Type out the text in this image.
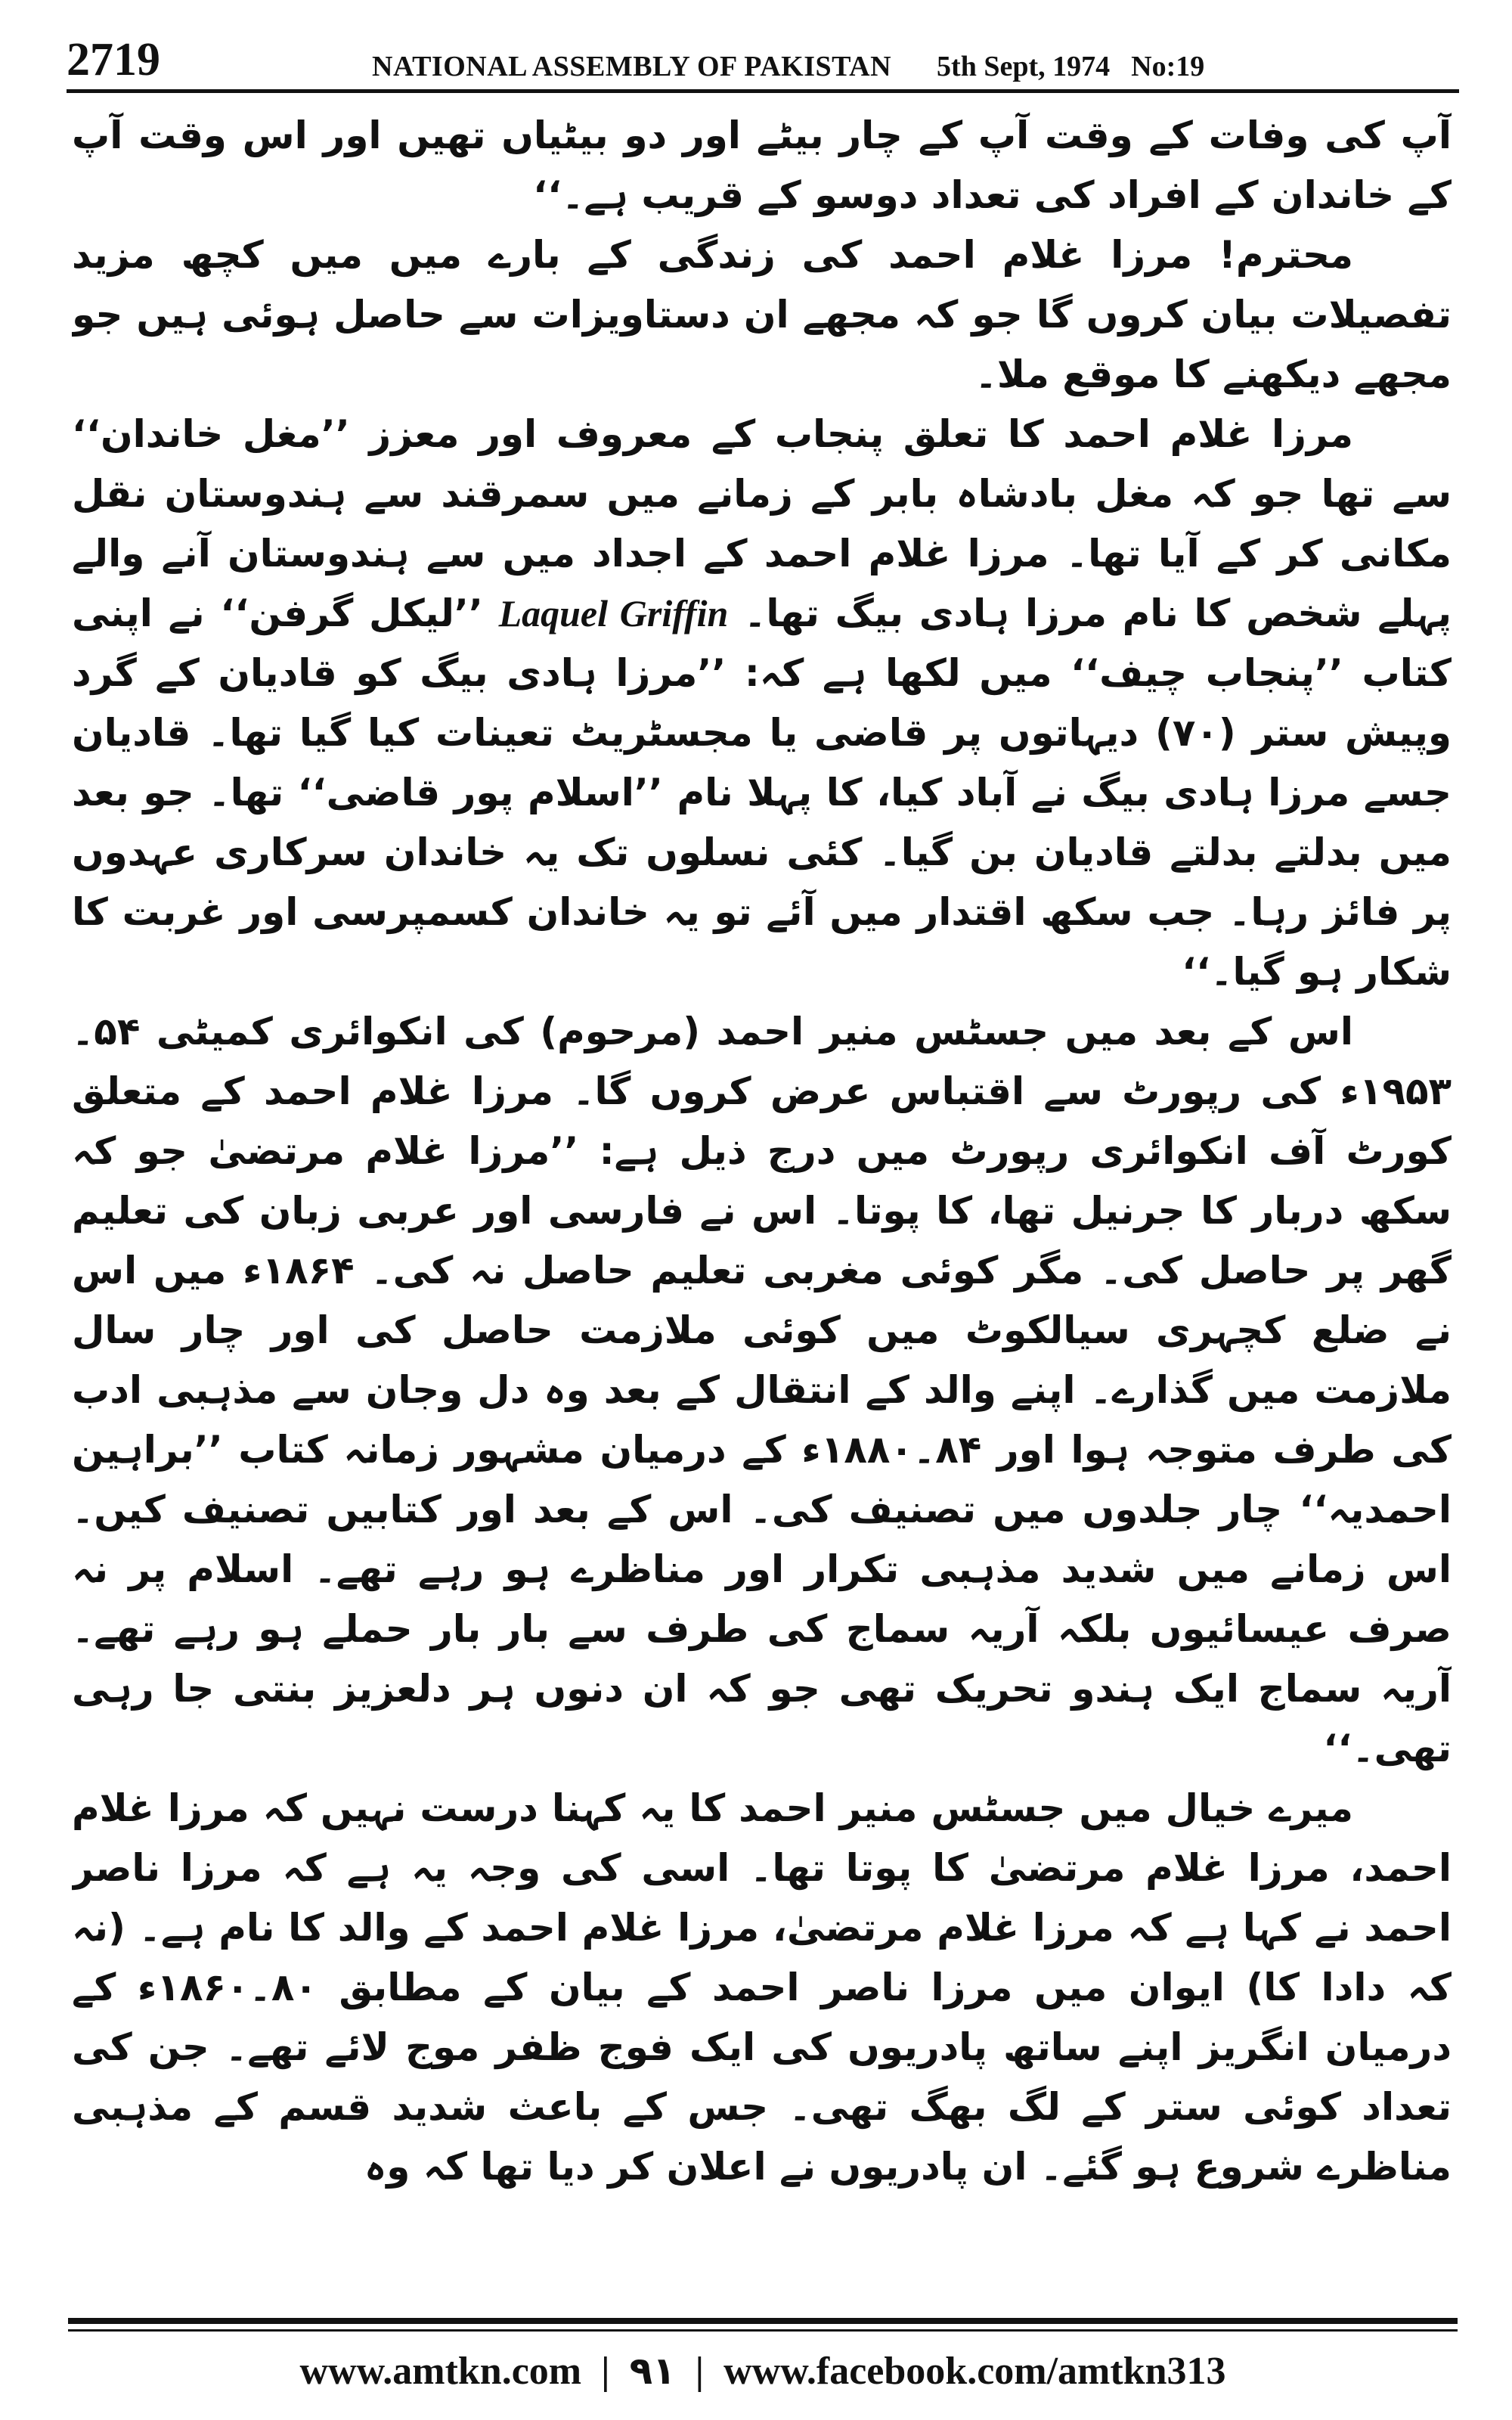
2719	NATIONAL ASSEMBLY OF PAKISTAN 5th Sept, 1974 No:19

آپ کی وفات کے وقت آپ کے چار بیٹے اور دو بیٹیاں تھیں اور اس وقت آپ کے خاندان کے افراد کی تعداد دوسو کے قریب ہے۔‘‘

محترم! مرزا غلام احمد کی زندگی کے بارے میں میں کچھ مزید تفصیلات بیان کروں گا جو کہ مجھے ان دستاویزات سے حاصل ہوئی ہیں جو مجھے دیکھنے کا موقع ملا۔

مرزا غلام احمد کا تعلق پنجاب کے معروف اور معزز ’’مغل خاندان‘‘ سے تھا جو کہ مغل بادشاہ بابر کے زمانے میں سمرقند سے ہندوستان نقل مکانی کر کے آیا تھا۔ مرزا غلام احمد کے اجداد میں سے ہندوستان آنے والے پہلے شخص کا نام مرزا ہادی بیگ تھا۔ Laquel Griffin ’’لیکل گرفن‘‘ نے اپنی کتاب ’’پنجاب چیف‘‘ میں لکھا ہے کہ: ’’مرزا ہادی بیگ کو قادیان کے گرد وپیش ستر (۷۰) دیہاتوں پر قاضی یا مجسٹریٹ تعینات کیا گیا تھا۔ قادیان جسے مرزا ہادی بیگ نے آباد کیا، کا پہلا نام ’’اسلام پور قاضی‘‘ تھا۔ جو بعد میں بدلتے بدلتے قادیان بن گیا۔ کئی نسلوں تک یہ خاندان سرکاری عہدوں پر فائز رہا۔ جب سکھ اقتدار میں آئے تو یہ خاندان کسمپرسی اور غربت کا شکار ہو گیا۔‘‘

اس کے بعد میں جسٹس منیر احمد (مرحوم) کی انکوائری کمیٹی ۵۴۔۱۹۵۳ء کی رپورٹ سے اقتباس عرض کروں گا۔ مرزا غلام احمد کے متعلق کورٹ آف انکوائری رپورٹ میں درج ذیل ہے: ’’مرزا غلام مرتضیٰ جو کہ سکھ دربار کا جرنیل تھا، کا پوتا۔ اس نے فارسی اور عربی زبان کی تعلیم گھر پر حاصل کی۔ مگر کوئی مغربی تعلیم حاصل نہ کی۔ ۱۸۶۴ء میں اس نے ضلع کچہری سیالکوٹ میں کوئی ملازمت حاصل کی اور چار سال ملازمت میں گذارے۔ اپنے والد کے انتقال کے بعد وہ دل وجان سے مذہبی ادب کی طرف متوجہ ہوا اور ۸۴۔۱۸۸۰ء کے درمیان مشہور زمانہ کتاب ’’براہین احمدیہ‘‘ چار جلدوں میں تصنیف کی۔ اس کے بعد اور کتابیں تصنیف کیں۔ اس زمانے میں شدید مذہبی تکرار اور مناظرے ہو رہے تھے۔ اسلام پر نہ صرف عیسائیوں بلکہ آریہ سماج کی طرف سے بار بار حملے ہو رہے تھے۔ آریہ سماج ایک ہندو تحریک تھی جو کہ ان دنوں ہر دلعزیز بنتی جا رہی تھی۔‘‘

میرے خیال میں جسٹس منیر احمد کا یہ کہنا درست نہیں کہ مرزا غلام احمد، مرزا غلام مرتضیٰ کا پوتا تھا۔ اسی کی وجہ یہ ہے کہ مرزا ناصر احمد نے کہا ہے کہ مرزا غلام مرتضیٰ، مرزا غلام احمد کے والد کا نام ہے۔ (نہ کہ دادا کا) ایوان میں مرزا ناصر احمد کے بیان کے مطابق ۸۰۔۱۸۶۰ء کے درمیان انگریز اپنے ساتھ پادریوں کی ایک فوج ظفر موج لائے تھے۔ جن کی تعداد کوئی ستر کے لگ بھگ تھی۔ جس کے باعث شدید قسم کے مذہبی مناظرے شروع ہو گئے۔ ان پادریوں نے اعلان کر دیا تھا کہ وہ

www.amtkn.com | ۹۱ | www.facebook.com/amtkn313
